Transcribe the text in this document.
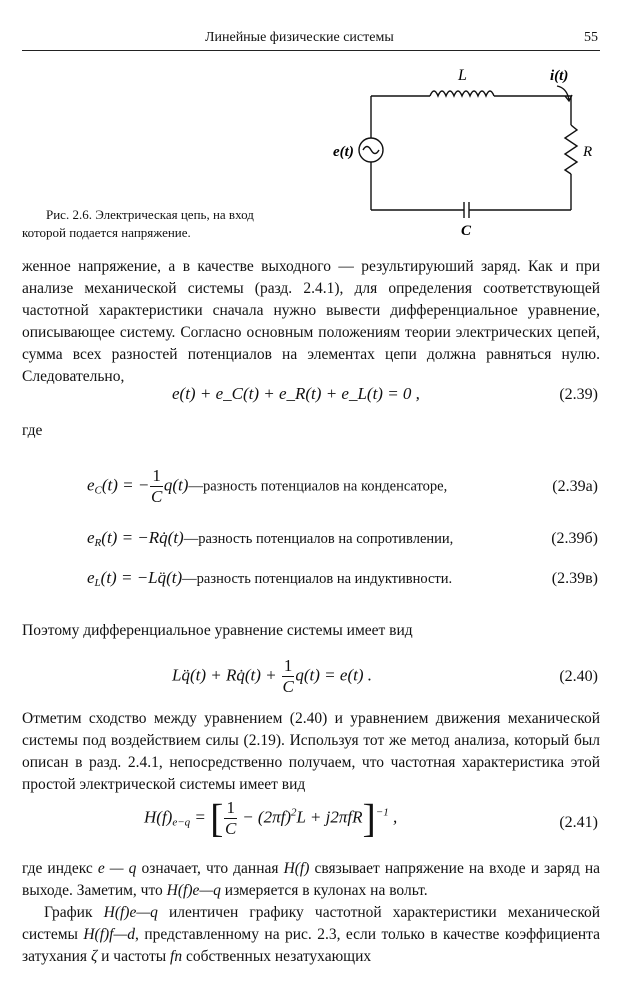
Линейные физические системы	55
L	i(t)
e(t)	R
C
Рис. 2.6. Электрическая цепь, на вход которой подается напряжение.
женное напряжение, а в качестве выходного — результируюший заряд. Как и при анализе механической системы (разд. 2.4.1), для определения соответствующей частотной характеристики сначала нужно вывести дифференциальное уравнение, описывающее систему. Согласно основным положениям теории электрических цепей, сумма всех разностей потенциалов на элементах цепи должна равняться нулю. Следовательно,
e(t) + e_C(t) + e_R(t) + e_L(t) = 0 ,	(2.39)
где
$e_C(t)$ = − $\frac{1}{C}$ q(t)—разность потенциалов на конденсаторе,	(2.39а)
$e_R(t)$ = −Rq̇(t)—разность потенциалов на сопротивлении,	(2.39б)
$e_L(t)$ = −Lq̈(t)—разность потенциалов на индуктивности.	(2.39в)
Поэтому дифференциальное уравнение системы имеет вид
Lq̈(t) + Rq̇(t) + $\frac{1}{C} q(t) = e(t)$ .	(2.40)
Отметим сходство между уравнением (2.40) и уравнением движения механической системы под воздействием силы (2.19). Используя тот же метод анализа, который был описан в разд. 2.4.1, непосредственно получаем, что частотная характеристика этой простой электрической системы имеет вид
$H(f)_{e-q}$ = [ $\frac{1}{C} - (2\pi f)^2L + j2\pi fR]^{-1}$ ,	(2.41)
где индекс e — q означает, что данная H(f) связывает напряжение на входе и заряд на выходе. Заметим, что H(f)e—q измеряется в кулонах на вольт.
График H(f)e—q илентичен графику частотной характеристики механической системы H(f)f—d, представленному на рис. 2.3, если только в качестве коэффициента затухания ζ и частоты fn собственных незатухающих
